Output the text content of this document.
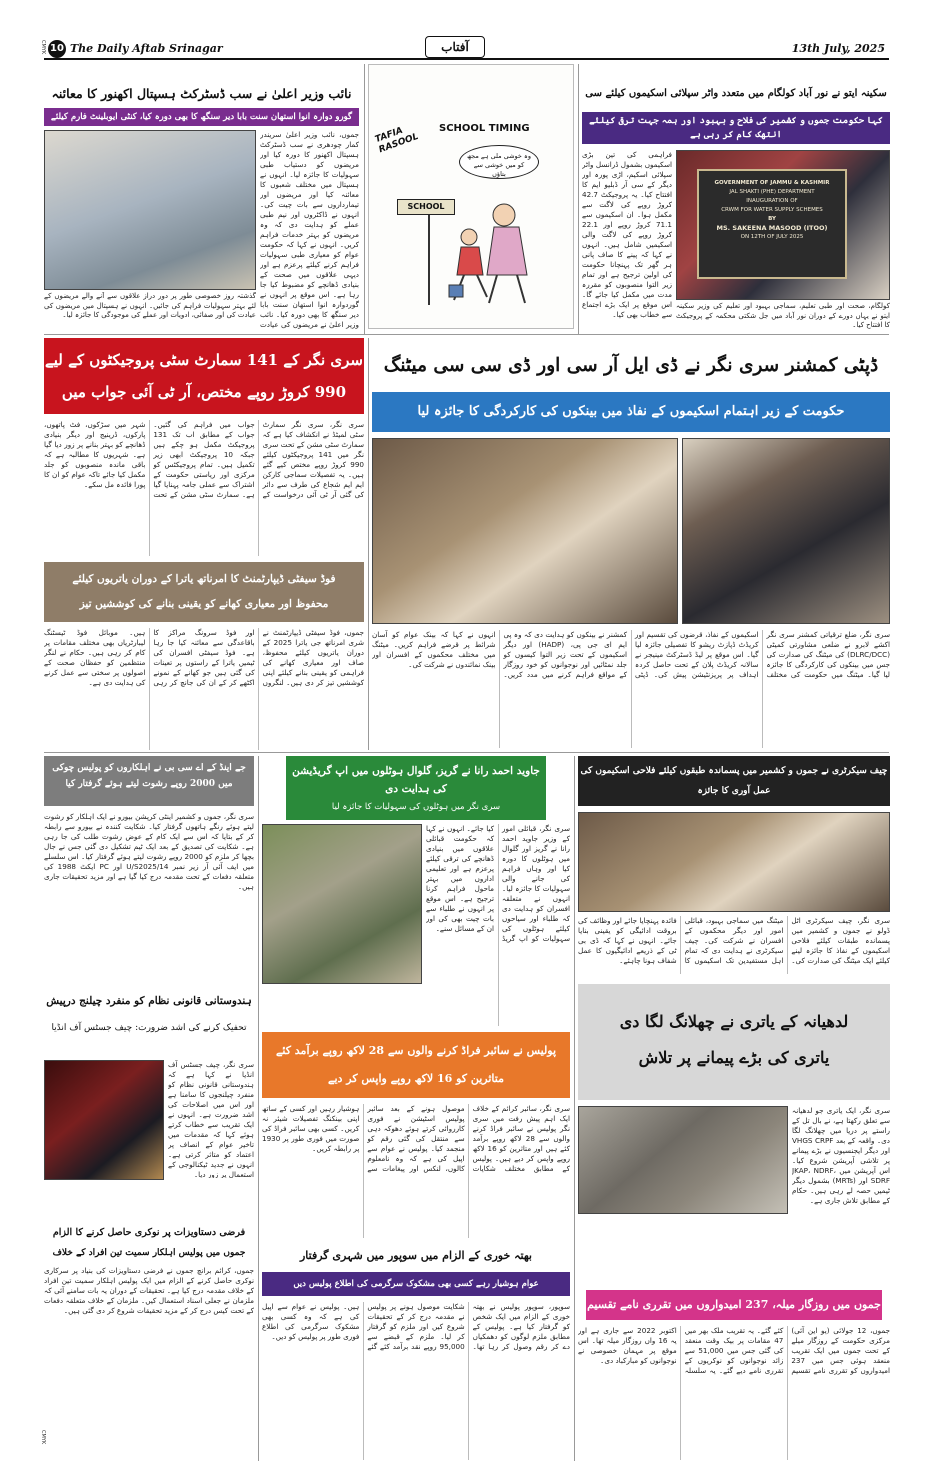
10 The Daily Aftab Srinagar	آفتاب	13th July, 2025
CMYK
CMYK
نائب وزیر اعلیٰ نے سب ڈسٹرکٹ ہسپتال اکھنور کا معائنہ
گورو دوارہ انوا استھان سنت بابا دیر سنگھ کا بھی دورہ کیا، کنٹی ایوبلینٹ فارم کیلئے
جموں، نائب وزیر اعلیٰ سریندر کمار چودھری نے سب ڈسٹرکٹ ہسپتال اکھنور کا دورہ کیا اور مریضوں کو دستیاب طبی سہولیات کا جائزہ لیا۔ انہوں نے ہسپتال میں مختلف شعبوں کا معائنہ کیا اور مریضوں اور تیمارداروں سے بات چیت کی۔ انہوں نے ڈاکٹروں اور نیم طبی عملے کو ہدایت دی کہ وہ مریضوں کو بہتر خدمات فراہم کریں۔ انہوں نے کہا کہ حکومت عوام کو معیاری طبی سہولیات فراہم کرنے کیلئے پرعزم ہے اور دیہی علاقوں میں صحت کے بنیادی ڈھانچے کو مضبوط کیا جا رہا ہے۔ اس موقع پر انہوں نے گوردوارہ انوا استھان سنت بابا دیر سنگھ کا بھی دورہ کیا۔ نائب وزیر اعلیٰ نے مریضوں کی عیادت
گذشتہ روز خصوصی طور پر دور دراز علاقوں سے آنے والے مریضوں کے لئے بہتر سہولیات فراہم کی جائیں۔ انہوں نے ہسپتال میں مریضوں کی عیادت کی اور صفائی، ادویات اور عملے کی موجودگی کا جائزہ لیا۔
SCHOOL TIMING
TAFIA RASOOL
وہ خوشی ملی ہے مجھ کو میں خوشی سے بتاؤں
SCHOOL
سکینہ ایتو نے نور آباد کولگام میں متعدد واٹر سپلائی اسکیموں کیلئے سی
کہا حکومت جموں و کشمیر کی فلاح و بہبود اور ہمہ جہت ترقی کیلئے انتھک کام کر رہی ہے
فراہمی کی تین بڑی اسکیموں بشمول ڈرانسل واٹر سپلائی اسکیم، اڑی پورہ اور دیگر کے سی آر ڈبلیو ایم کا افتتاح کیا۔ یہ پروجیکٹ 42.7 کروڑ روپے کی لاگت سے مکمل ہوا۔ ان اسکیموں سے 71.1 کروڑ روپے اور 22.1 کروڑ روپے کی لاگت والی اسکیمیں شامل ہیں۔ انہوں نے کہا کہ پینے کا صاف پانی ہر گھر تک پہنچانا حکومت کی اولین ترجیح ہے اور تمام زیر التوا منصوبوں کو مقررہ مدت میں مکمل کیا جائے گا۔ اس موقع پر ایک بڑے اجتماع سے خطاب بھی کیا۔
GOVERNMENT OF JAMMU & KASHMIR
JAL SHAKTI (PHE) DEPARTMENT
INAUGURATION OF
CRWM FOR WATER SUPPLY SCHEMES
BY
MS. SAKEENA MASOOD (ITOO)
ON 12TH OF JULY 2025
کولگام، صحت اور طبی تعلیم، سماجی بہبود اور تعلیم کی وزیر سکینہ ایتو نے یہاں دورے کے دوران نور آباد میں جل شکتی محکمہ کے پروجیکٹ کا افتتاح کیا۔
سری نگر کے 141 سمارٹ سٹی پروجیکٹوں کے لیے
990 کروڑ روپے مختص، آر ٹی آئی جواب میں
سری نگر، سری نگر سمارٹ سٹی لمیٹڈ نے انکشاف کیا ہے کہ سمارٹ سٹی مشن کے تحت سری نگر میں 141 پروجیکٹوں کیلئے 990 کروڑ روپے مختص کیے گئے ہیں۔ یہ تفصیلات سماجی کارکن ایم ایم شجاع کی طرف سے دائر کی گئی آر ٹی آئی درخواست کے جواب میں فراہم کی گئیں۔ جواب کے مطابق اب تک 131 پروجیکٹ مکمل ہو چکے ہیں جبکہ 10 پروجیکٹ ابھی زیر تکمیل ہیں۔ تمام پروجیکٹس کو مرکزی اور ریاستی حکومت کے اشتراک سے عملی جامہ پہنایا گیا ہے۔ سمارٹ سٹی مشن کے تحت شہر میں سڑکوں، فٹ پاتھوں، پارکوں، ڈرینیج اور دیگر بنیادی ڈھانچے کو بہتر بنانے پر زور دیا گیا ہے۔ شہریوں کا مطالبہ ہے کہ باقی ماندہ منصوبوں کو جلد مکمل کیا جائے تاکہ عوام کو ان کا پورا فائدہ مل سکے۔
فوڈ سیفٹی ڈیپارٹمنٹ کا امرناتھ یاترا کے دوران یاتریوں کیلئے
محفوظ اور معیاری کھانے کو یقینی بنانے کی کوششیں تیز
جموں، فوڈ سیفٹی ڈیپارٹمنٹ نے شری امرناتھ جی یاترا 2025 کے دوران یاتریوں کیلئے محفوظ، صاف اور معیاری کھانے کی فراہمی کو یقینی بنانے کیلئے اپنی کوششیں تیز کر دی ہیں۔ لنگروں اور فوڈ سرونگ مراکز کا باقاعدگی سے معائنہ کیا جا رہا ہے۔ فوڈ سیفٹی افسران کی ٹیمیں یاترا کے راستوں پر تعینات کی گئی ہیں جو کھانے کے نمونے اکٹھے کر کے ان کی جانچ کر رہی ہیں۔ موبائل فوڈ ٹیسٹنگ لیبارٹریاں بھی مختلف مقامات پر کام کر رہی ہیں۔ حکام نے لنگر منتظمین کو حفظان صحت کے اصولوں پر سختی سے عمل کرنے کی ہدایت دی ہے۔
ڈپٹی کمشنر سری نگر نے ڈی ایل آر سی اور ڈی سی سی میٹنگ
حکومت کے زیر اہتمام اسکیموں کے نفاذ میں بینکوں کی کارکردگی کا جائزہ لیا
سری نگر، ضلع ترقیاتی کمشنر سری نگر اکشے لابرو نے ضلعی مشاورتی کمیٹی (DLRC/DCC) کی میٹنگ کی صدارت کی جس میں بینکوں کی کارکردگی کا جائزہ لیا گیا۔ میٹنگ میں حکومت کی مختلف اسکیموں کے نفاذ، قرضوں کی تقسیم اور کریڈٹ ڈپازٹ ریشو کا تفصیلی جائزہ لیا گیا۔ اس موقع پر لیڈ ڈسٹرکٹ مینیجر نے سالانہ کریڈٹ پلان کے تحت حاصل کردہ اہداف پر پریزنٹیشن پیش کی۔ ڈپٹی کمشنر نے بینکوں کو ہدایت دی کہ وہ پی ایم ای جی پی، (HADP) اور دیگر اسکیموں کے تحت زیر التوا کیسوں کو جلد نمٹائیں اور نوجوانوں کو خود روزگار کے مواقع فراہم کرنے میں مدد کریں۔ انہوں نے کہا کہ بینک عوام کو آسان شرائط پر قرضے فراہم کریں۔ میٹنگ میں مختلف محکموں کے افسران اور بینک نمائندوں نے شرکت کی۔
جے اینڈ کے اے سی بی نے اہلکاروں کو پولیس چوکی میں 2000 روپے رشوت لیتے ہوئے گرفتار کیا
سری نگر، جموں و کشمیر اینٹی کرپشن بیورو نے ایک اہلکار کو رشوت لیتے ہوئے رنگے ہاتھوں گرفتار کیا۔ شکایت کنندہ نے بیورو سے رابطہ کر کے بتایا کہ اس سے ایک کام کے عوض رشوت طلب کی جا رہی ہے۔ شکایت کی تصدیق کے بعد ایک ٹیم تشکیل دی گئی جس نے جال بچھا کر ملزم کو 2000 روپے رشوت لیتے ہوئے گرفتار کیا۔ اس سلسلے میں ایف آئی آر زیر نمبر U/S2025/14 اور PC ایکٹ 1988 کی متعلقہ دفعات کے تحت مقدمہ درج کیا گیا ہے اور مزید تحقیقات جاری ہیں۔
ہندوستانی قانونی نظام کو منفرد چیلنج درپیش
تحفیک کرنے کی اشد ضرورت: چیف جسٹس آف انڈیا
سری نگر، چیف جسٹس آف انڈیا نے کہا ہے کہ ہندوستانی قانونی نظام کو منفرد چیلنجوں کا سامنا ہے اور اس میں اصلاحات کی اشد ضرورت ہے۔ انہوں نے ایک تقریب سے خطاب کرتے ہوئے کہا کہ مقدمات میں تاخیر عوام کے انصاف پر اعتماد کو متاثر کرتی ہے۔ انہوں نے جدید ٹیکنالوجی کے استعمال پر زور دیا۔
فرضی دستاویزات پر نوکری حاصل کرنے کا الزام
جموں میں پولیس اہلکار سمیت تین افراد کے خلاف
جموں، کرائم برانچ جموں نے فرضی دستاویزات کی بنیاد پر سرکاری نوکری حاصل کرنے کے الزام میں ایک پولیس اہلکار سمیت تین افراد کے خلاف مقدمہ درج کیا ہے۔ تحقیقات کے دوران یہ بات سامنے آئی کہ ملزمان نے جعلی اسناد استعمال کیں۔ ملزمان کے خلاف متعلقہ دفعات کے تحت کیس درج کر کے مزید تحقیقات شروع کر دی گئی ہیں۔
جاوید احمد رانا نے گریز، گلوال ہوٹلوں میں اپ گریڈیشن کی ہدایت دی
سری نگر میں ہوٹلوں کی سہولیات کا جائزہ لیا
سری نگر، قبائلی امور کے وزیر جاوید احمد رانا نے گریز اور گلوال میں ہوٹلوں کا دورہ کیا اور وہاں فراہم کی جانے والی سہولیات کا جائزہ لیا۔ انہوں نے متعلقہ افسران کو ہدایت دی کہ طلباء اور سیاحوں کیلئے ہوٹلوں کی سہولیات کو اپ گریڈ کیا جائے۔ انہوں نے کہا کہ حکومت قبائلی علاقوں میں بنیادی ڈھانچے کی ترقی کیلئے پرعزم ہے اور تعلیمی اداروں میں بہتر ماحول فراہم کرنا ترجیح ہے۔ اس موقع پر انہوں نے طلباء سے بات چیت بھی کی اور ان کے مسائل سنے۔
پولیس نے سائبر فراڈ کرنے والوں سے 28 لاکھ روپے برآمد کئے
متاثرین کو 16 لاکھ روپے واپس کر دیے
سری نگر، سائبر کرائم کے خلاف ایک اہم پیش رفت میں سری نگر پولیس نے سائبر فراڈ کرنے والوں سے 28 لاکھ روپے برآمد کئے ہیں اور متاثرین کو 16 لاکھ روپے واپس کر دیے ہیں۔ پولیس کے مطابق مختلف شکایات موصول ہونے کے بعد سائبر پولیس اسٹیشن نے فوری کارروائی کرتے ہوئے دھوکہ دہی سے منتقل کی گئی رقم کو منجمد کیا۔ پولیس نے عوام سے اپیل کی ہے کہ وہ نامعلوم کالوں، لنکس اور پیغامات سے ہوشیار رہیں اور کسی کے ساتھ اپنی بینکنگ تفصیلات شیئر نہ کریں۔ کسی بھی سائبر فراڈ کی صورت میں فوری طور پر 1930 پر رابطہ کریں۔
بھتہ خوری کے الزام میں سوپور میں شہری گرفتار
عوام ہوشیار رہے کسی بھی مشکوک سرگرمی کی اطلاع پولیس دیں
سوپور، سوپور پولیس نے بھتہ خوری کے الزام میں ایک شخص کو گرفتار کیا ہے۔ پولیس کے مطابق ملزم لوگوں کو دھمکیاں دے کر رقم وصول کر رہا تھا۔ شکایت موصول ہونے پر پولیس نے مقدمہ درج کر کے تحقیقات شروع کیں اور ملزم کو گرفتار کر لیا۔ ملزم کے قبضے سے 95,000 روپے نقد برآمد کئے گئے ہیں۔ پولیس نے عوام سے اپیل کی ہے کہ وہ کسی بھی مشکوک سرگرمی کی اطلاع فوری طور پر پولیس کو دیں۔
چیف سیکرٹری نے جموں و کشمیر میں پسماندہ طبقوں کیلئے فلاحی اسکیموں کی عمل آوری کا جائزہ
سری نگر، چیف سیکرٹری اٹل ڈولو نے جموں و کشمیر میں پسماندہ طبقات کیلئے فلاحی اسکیموں کے نفاذ کا جائزہ لینے کیلئے ایک میٹنگ کی صدارت کی۔ میٹنگ میں سماجی بہبود، قبائلی امور اور دیگر محکموں کے افسران نے شرکت کی۔ چیف سیکرٹری نے ہدایت دی کہ تمام اہل مستفیدین تک اسکیموں کا فائدہ پہنچایا جائے اور وظائف کی بروقت ادائیگی کو یقینی بنایا جائے۔ انہوں نے کہا کہ ڈی بی ٹی کے ذریعے ادائیگیوں کا عمل شفاف ہونا چاہئے۔
لدھیانہ کے یاتری نے چھلانگ لگا دی
یاتری کی بڑے پیمانے پر تلاش
سری نگر، ایک یاتری جو لدھیانہ سے تعلق رکھتا ہے، نے بال تل کے راستے پر دریا میں چھلانگ لگا دی۔ واقعہ کے بعد VHGS CRPF اور دیگر ایجنسیوں نے بڑے پیمانے پر تلاشی آپریشن شروع کیا۔ اس آپریشن میں JKAP، NDRF، SDRF اور (MRTs) بشمول دیگر ٹیمیں حصہ لے رہی ہیں۔ حکام کے مطابق تلاش جاری ہے۔
جموں میں روزگار میلہ، 237 امیدواروں میں تقرری نامے تقسیم
جموں، 12 جولائی (یو این آئی) مرکزی حکومت کے روزگار میلے کے تحت جموں میں ایک تقریب منعقد ہوئی جس میں 237 امیدواروں کو تقرری نامے تقسیم کئے گئے۔ یہ تقریب ملک بھر میں 47 مقامات پر بیک وقت منعقد کی گئی جس میں 51,000 سے زائد نوجوانوں کو نوکریوں کے تقرری نامے دیے گئے۔ یہ سلسلہ اکتوبر 2022 سے جاری ہے اور یہ 16 واں روزگار میلہ تھا۔ اس موقع پر مہمان خصوصی نے نوجوانوں کو مبارکباد دی۔
